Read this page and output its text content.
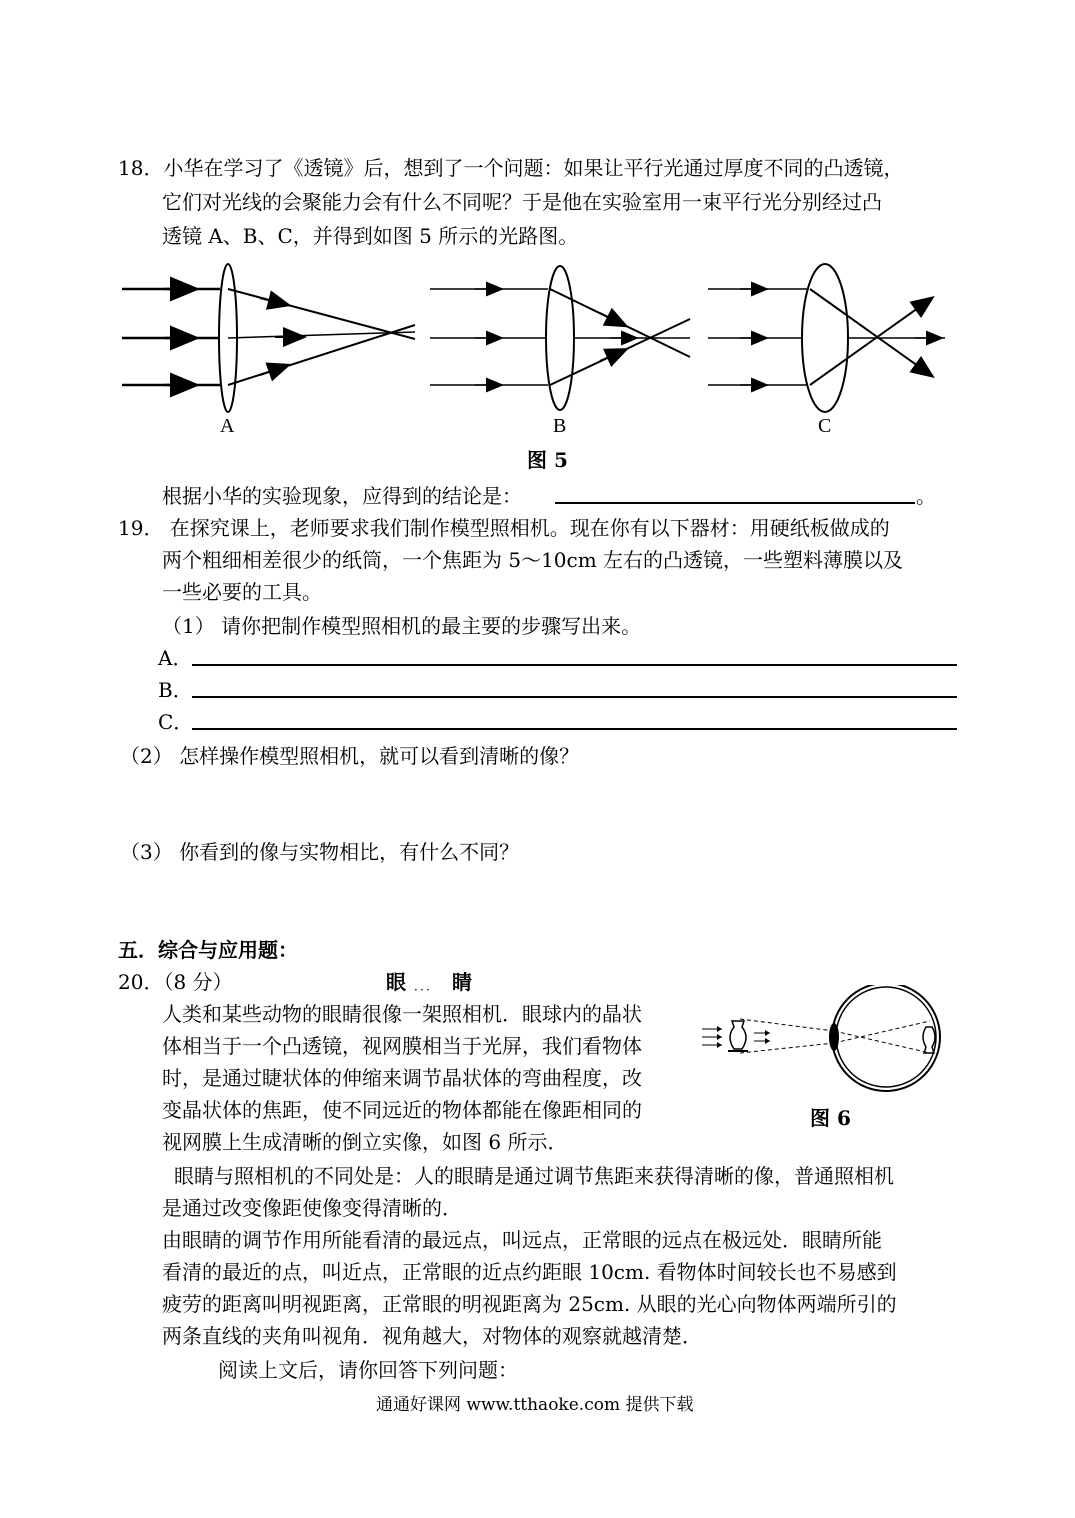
18．小华在学习了《透镜》后，想到了一个问题：如果让平行光通过厚度不同的凸透镜，
它们对光线的会聚能力会有什么不同呢？于是他在实验室用一束平行光分别经过凸
透镜 A、B、C，并得到如图 5 所示的光路图。
A	B	C
图 5
根据小华的实验现象，应得到的结论是：	。
19． 在探究课上，老师要求我们制作模型照相机。现在你有以下器材：用硬纸板做成的
两个粗细相差很少的纸筒，一个焦距为 5～10cm 左右的凸透镜，一些塑料薄膜以及
一些必要的工具。
（1） 请你把制作模型照相机的最主要的步骤写出来。
A．
B．
C．
（2） 怎样操作模型照相机，就可以看到清晰的像？
（3） 你看到的像与实物相比，有什么不同？
五．综合与应用题：
20．（8 分）	眼 ．．． 睛
人类和某些动物的眼睛很像一架照相机．眼球内的晶状
体相当于一个凸透镜，视网膜相当于光屏，我们看物体
时，是通过睫状体的伸缩来调节晶状体的弯曲程度，改
变晶状体的焦距，使不同远近的物体都能在像距相同的
视网膜上生成清晰的倒立实像，如图 6 所示．
图 6
眼睛与照相机的不同处是：人的眼睛是通过调节焦距来获得清晰的像，普通照相机
是通过改变像距使像变得清晰的．
由眼睛的调节作用所能看清的最远点，叫远点，正常眼的远点在极远处．眼睛所能
看清的最近的点，叫近点，正常眼的近点约距眼 10cm. 看物体时间较长也不易感到
疲劳的距离叫明视距离，正常眼的明视距离为 25cm. 从眼的光心向物体两端所引的
两条直线的夹角叫视角．视角越大，对物体的观察就越清楚．
阅读上文后，请你回答下列问题：
通通好课网 www.tthaoke.com 提供下载
